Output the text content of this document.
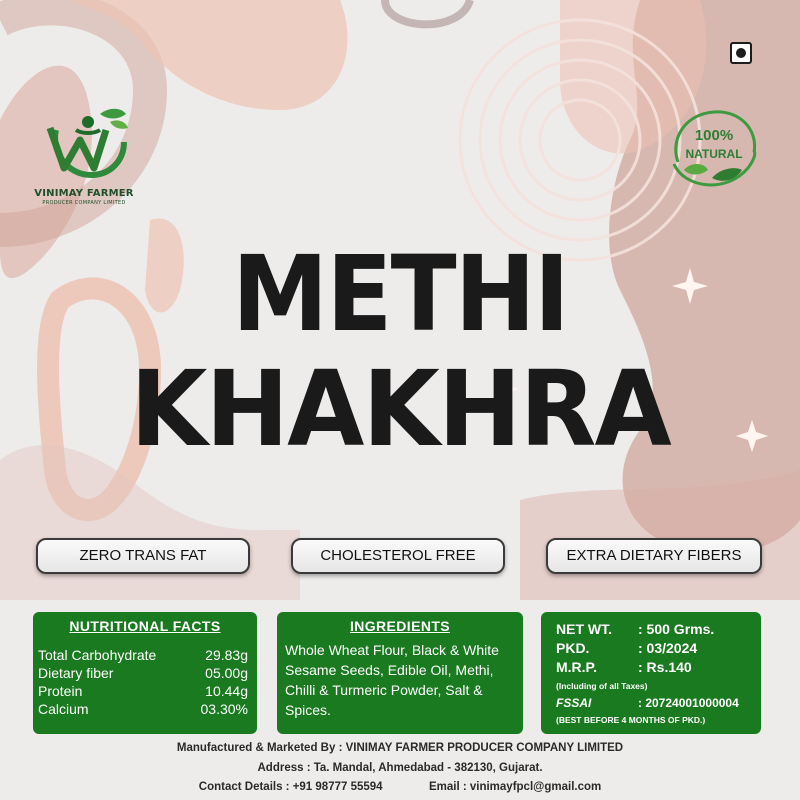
VINIMAY FARMER
PRODUCER COMPANY LIMITED
100%
NATURAL
METHI
KHAKHRA
ZERO TRANS FAT	CHOLESTEROL FREE	EXTRA DIETARY FIBERS
NUTRITIONAL FACTS
Total Carbohydrate	29.83g
Dietary fiber	05.00g
Protein	10.44g
Calcium	03.30%
INGREDIENTS
Whole Wheat Flour, Black & White Sesame Seeds, Edible Oil, Methi, Chilli & Turmeric Powder, Salt & Spices.
NET WT.	: 500 Grms.
PKD.	: 03/2024
M.R.P.	: Rs.140
(Including of all Taxes)
FSSAI	: 20724001000004
(BEST BEFORE 4 MONTHS OF PKD.)
Manufactured & Marketed By : VINIMAY FARMER PRODUCER COMPANY LIMITED
Address : Ta. Mandal, Ahmedabad - 382130, Gujarat.
Contact Details : +91 98777 55594	Email : vinimayfpcl@gmail.com
